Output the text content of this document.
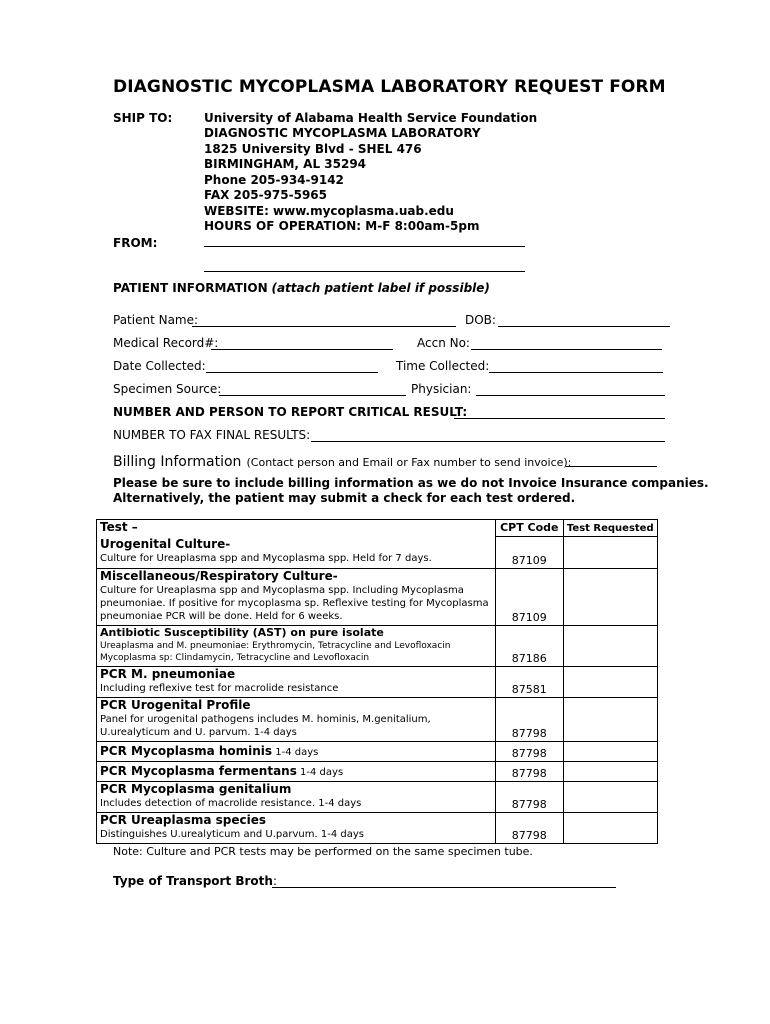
DIAGNOSTIC MYCOPLASMA LABORATORY REQUEST FORM
SHIP TO:	University of Alabama Health Service Foundation
DIAGNOSTIC MYCOPLASMA LABORATORY
1825 University Blvd - SHEL 476
BIRMINGHAM, AL 35294
Phone 205-934-9142
FAX 205-975-5965
WEBSITE: www.mycoplasma.uab.edu
HOURS OF OPERATION: M-F 8:00am-5pm
FROM:
PATIENT INFORMATION (attach patient label if possible)
Patient Name:	DOB:
Medical Record#:	Accn No:
Date Collected:	Time Collected:
Specimen Source:	Physician:
NUMBER AND PERSON TO REPORT CRITICAL RESULT:
NUMBER TO FAX FINAL RESULTS:
Billing Information (Contact person and Email or Fax number to send invoice):
Please be sure to include billing information as we do not Invoice Insurance companies.
Alternatively, the patient may submit a check for each test ordered.
Test –	CPT Code	Test Requested

Urogenital Culture-
Culture for Ureaplasma spp and Mycoplasma spp. Held for 7 days.	87109	

Miscellaneous/Respiratory Culture-
Culture for Ureaplasma spp and Mycoplasma spp. Including Mycoplasma pneumoniae. If positive for mycoplasma sp. Reflexive testing for Mycoplasma pneumoniae PCR will be done. Held for 6 weeks.	87109	

Antibiotic Susceptibility (AST) on pure isolate
Ureaplasma and M. pneumoniae: Erythromycin, Tetracycline and Levofloxacin
Mycoplasma sp: Clindamycin, Tetracycline and Levofloxacin	87186	

PCR M. pneumoniae
Including reflexive test for macrolide resistance	87581	

PCR Urogenital Profile
Panel for urogenital pathogens includes M. hominis, M.genitalium, U.urealyticum and U. parvum. 1-4 days	87798	
PCR Mycoplasma hominis 1-4 days	87798	
PCR Mycoplasma fermentans 1-4 days	87798	

PCR Mycoplasma genitalium
Includes detection of macrolide resistance. 1-4 days	87798	

PCR Ureaplasma species
Distinguishes U.urealyticum and U.parvum. 1-4 days	87798	
Note: Culture and PCR tests may be performed on the same specimen tube.
Type of Transport Broth:
